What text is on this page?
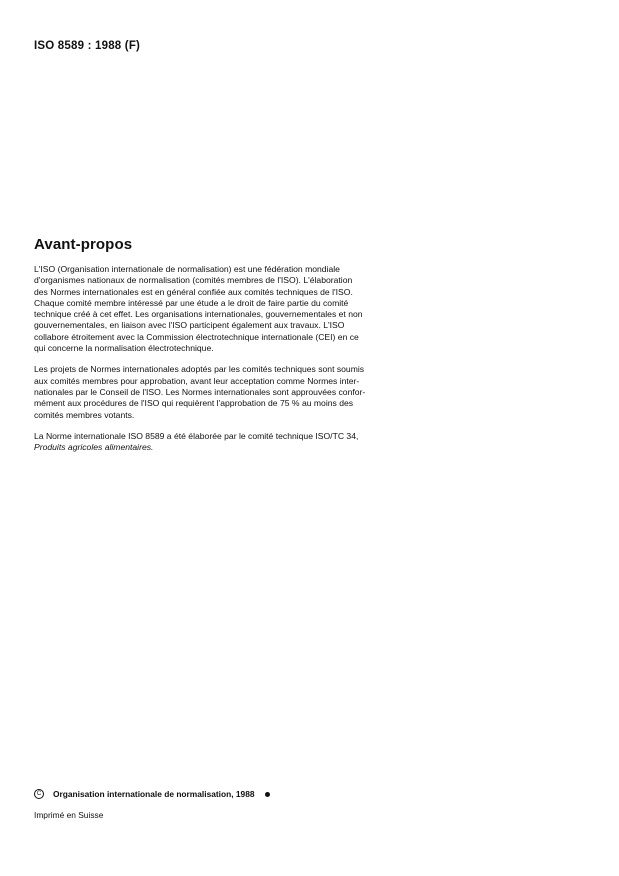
ISO 8589 : 1988 (F)
Avant-propos

L'ISO (Organisation internationale de normalisation) est une fédération mondiale
d'organismes nationaux de normalisation (comités membres de l'ISO). L'élaboration
des Normes internationales est en général confiée aux comités techniques de l'ISO.
Chaque comité membre intéressé par une étude a le droit de faire partie du comité
technique créé à cet effet. Les organisations internationales, gouvernementales et non
gouvernementales, en liaison avec l'ISO participent également aux travaux. L'ISO
collabore étroitement avec la Commission électrotechnique internationale (CEI) en ce
qui concerne la normalisation électrotechnique.

Les projets de Normes internationales adoptés par les comités techniques sont soumis
aux comités membres pour approbation, avant leur acceptation comme Normes inter-
nationales par le Conseil de l'ISO. Les Normes internationales sont approuvées confor-
mément aux procédures de l'ISO qui requièrent l'approbation de 75 % au moins des
comités membres votants.

La Norme internationale ISO 8589 a été élaborée par le comité technique ISO/TC 34,
Produits agricoles alimentaires.

C	Organisation internationale de normalisation, 1988
Imprimé en Suisse
